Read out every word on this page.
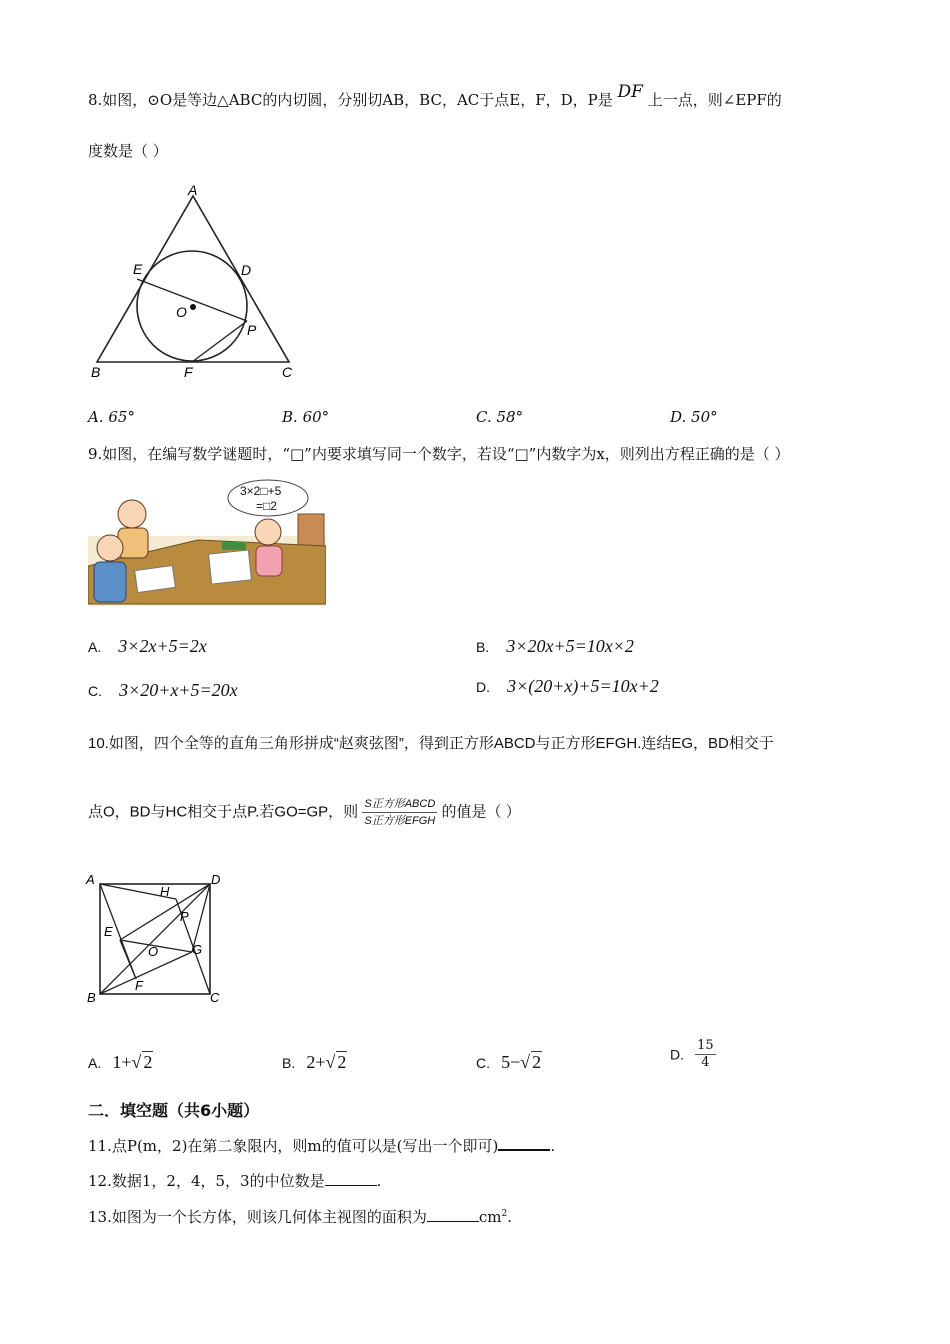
8.如图，⊙O是等边△ABC的内切圆，分别切AB，BC，AC于点E，F，D，P是 DF 上一点，则∠EPF的
度数是（ ）
A
B	C
D
E
F
O
P
A. 65°	B. 60°	C. 58°	D. 50°
9.如图，在编写数学谜题时，“□”内要求填写同一个数字，若设“□”内数字为x，则列出方程正确的是（ ）
3×2□+5
=□2
A. 3×2x+5=2x	B. 3×20x+5=10x×2
C. 3×20+x+5=20x	D. 3×(20+x)+5=10x+2
10.如图，四个全等的直角三角形拼成“赵爽弦图”，得到正方形ABCD与正方形EFGH.连结EG，BD相交于
点O，BD与HC相交于点P.若GO=GP，则 $\frac{\text{S正方形ABCD}}{\text{S正方形EFGH}}$ 的值是（ ）
A
B	C
D
E
F
G
H
O
P
A. 1+√ 2	B. 2+√ 2	C. 5−√ 2	D. $\frac{15}{4}$
二．填空题（共6小题）
11.点P(m，2)在第二象限内，则m的值可以是(写出一个即可)	.
12.数据1，2，4，5，3的中位数是	.
13.如图为一个长方体，则该几何体主视图的面积为	$cm^2$.
